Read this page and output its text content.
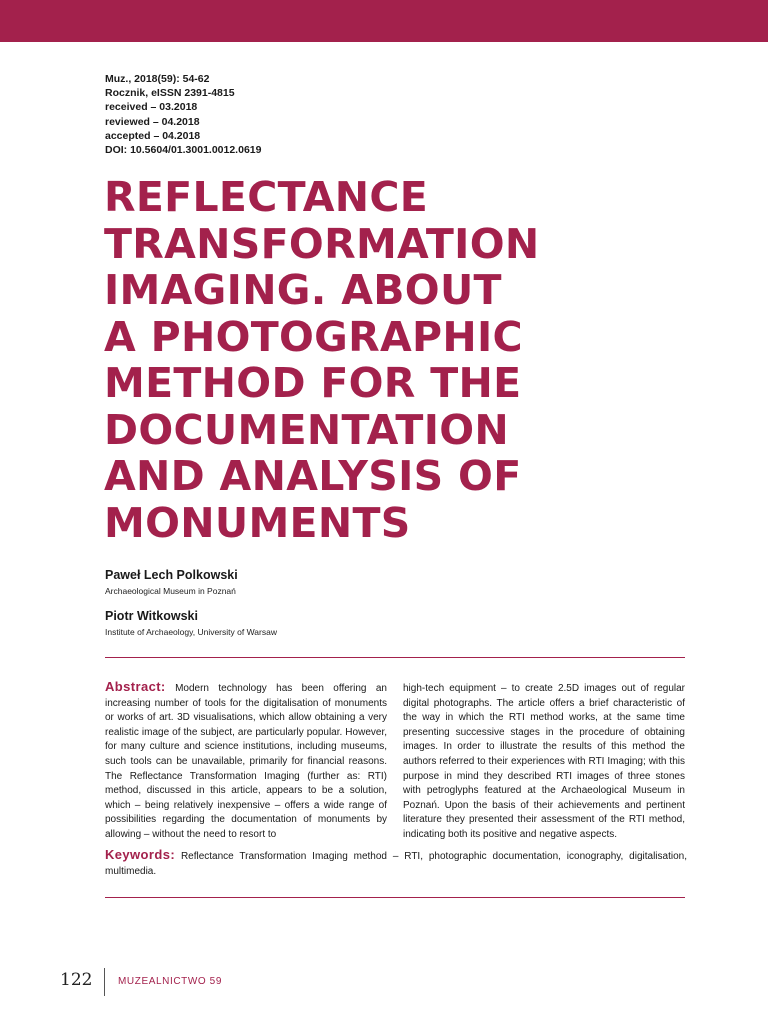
Muz., 2018(59): 54-62
Rocznik, eISSN 2391-4815
received – 03.2018
reviewed – 04.2018
accepted – 04.2018
DOI: 10.5604/01.3001.0012.0619
REFLECTANCE
TRANSFORMATION
IMAGING. ABOUT
A PHOTOGRAPHIC
METHOD FOR THE
DOCUMENTATION
AND ANALYSIS OF
MONUMENTS
Paweł Lech Polkowski
Archaeological Museum in Poznań
Piotr Witkowski
Institute of Archaeology, University of Warsaw
Abstract: Modern technology has been offering an increasing number of tools for the digitalisation of monuments or works of art. 3D visualisations, which allow obtaining a very realistic image of the subject, are particularly popular. However, for many culture and science institutions, including museums, such tools can be unavailable, primarily for financial reasons. The Reflectance Transformation Imaging (further as: RTI) method, discussed in this article, appears to be a solution, which – being relatively inexpensive – offers a wide range of possibilities regarding the documentation of monuments by allowing – without the need to resort to
high-tech equipment – to create 2.5D images out of regular digital photographs. The article offers a brief characteristic of the way in which the RTI method works, at the same time presenting successive stages in the procedure of obtaining images. In order to illustrate the results of this method the authors referred to their experiences with RTI Imaging; with this purpose in mind they described RTI images of three stones with petroglyphs featured at the Archaeological Museum in Poznań. Upon the basis of their achievements and pertinent literature they presented their assessment of the RTI method, indicating both its positive and negative aspects.
Keywords: Reflectance Transformation Imaging method – RTI, photographic documentation, iconography, digitalisation, multimedia.
122	MUZEALNICTWO 59
